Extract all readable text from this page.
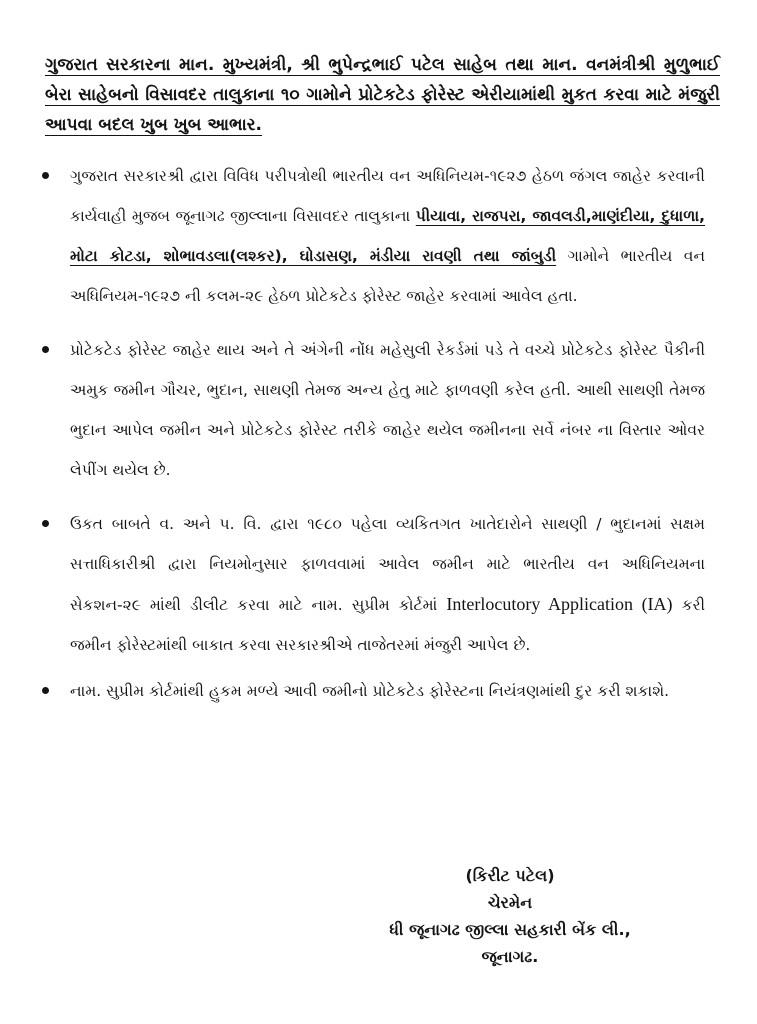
ગુજરાત સરકારના માન. મુખ્યમંત્રી, શ્રી ભુપેન્દ્રભાઈ પટેલ સાહેબ તથા માન. વનમંત્રીશ્રી મુળુભાઈ બેરા સાહેબનો વિસાવદર તાલુકાના ૧૦ ગામોને પ્રોટેકટેડ ફોરેસ્ટ એરીયામાંથી મુકત કરવા માટે મંજુરી આપવા બદલ ખુબ ખુબ આભાર.
ગુજરાત સરકારશ્રી દ્વારા વિવિધ પરીપત્રોથી ભારતીય વન અધિનિયમ-૧૯૨૭ હેઠળ જંગલ જાહેર કરવાની કાર્યવાહી મુજબ જૂનાગઢ જીલ્લાના વિસાવદર તાલુકાના પીયાવા, રાજપરા, જાવલડી,માણંદીયા, દુધાળા, મોટા કોટડા, શોભાવડલા(લશ્કર), ઘોડાસણ, મંડીયા રાવણી તથા જાંબુડી ગામોને ભારતીય વન અધિનિયમ-૧૯૨૭ ની કલમ-૨૯ હેઠળ પ્રોટેકટેડ ફોરેસ્ટ જાહેર કરવામાં આવેલ હતા.
પ્રોટેકટેડ ફોરેસ્ટ જાહેર થાય અને તે અંગેની નોંધ મહેસુલી રેકર્ડમાં પડે તે વચ્ચે પ્રોટેકટેડ ફોરેસ્ટ પૈકીની અમુક જમીન ગૌચર, ભુદાન, સાથણી તેમજ અન્ય હેતુ માટે ફાળવણી કરેલ હતી. આથી સાથણી તેમજ ભુદાન આપેલ જમીન અને પ્રોટેકટેડ ફોરેસ્ટ તરીકે જાહેર થયેલ જમીનના સર્વે નંબર ના વિસ્તાર ઓવર લેપીંગ થયેલ છે.
ઉકત બાબતે વ. અને પ. વિ. દ્વારા ૧૯૮૦ પહેલા વ્યકિતગત ખાતેદારોને સાથણી / ભુદાનમાં સક્ષમ સત્તાધિકારીશ્રી દ્વારા નિયમોનુસાર ફાળવવામાં આવેલ જમીન માટે ભારતીય વન અધિનિયમના સેકશન-૨૯ માંથી ડીલીટ કરવા માટે નામ. સુપ્રીમ કોર્ટમાં Interlocutory Application (IA) કરી જમીન ફોરેસ્ટમાંથી બાકાત કરવા સરકારશ્રીએ તાજેતરમાં મંજુરી આપેલ છે.
નામ. સુપ્રીમ કોર્ટમાંથી હુકમ મળ્યે આવી જમીનો પ્રોટેકટેડ ફોરેસ્ટના નિયંત્રણમાંથી દુર કરી શકાશે.
(કિરીટ પટેલ)
ચેરમેન
ધી જૂનાગઢ જીલ્લા સહકારી બેંક લી.,
જૂનાગઢ.
